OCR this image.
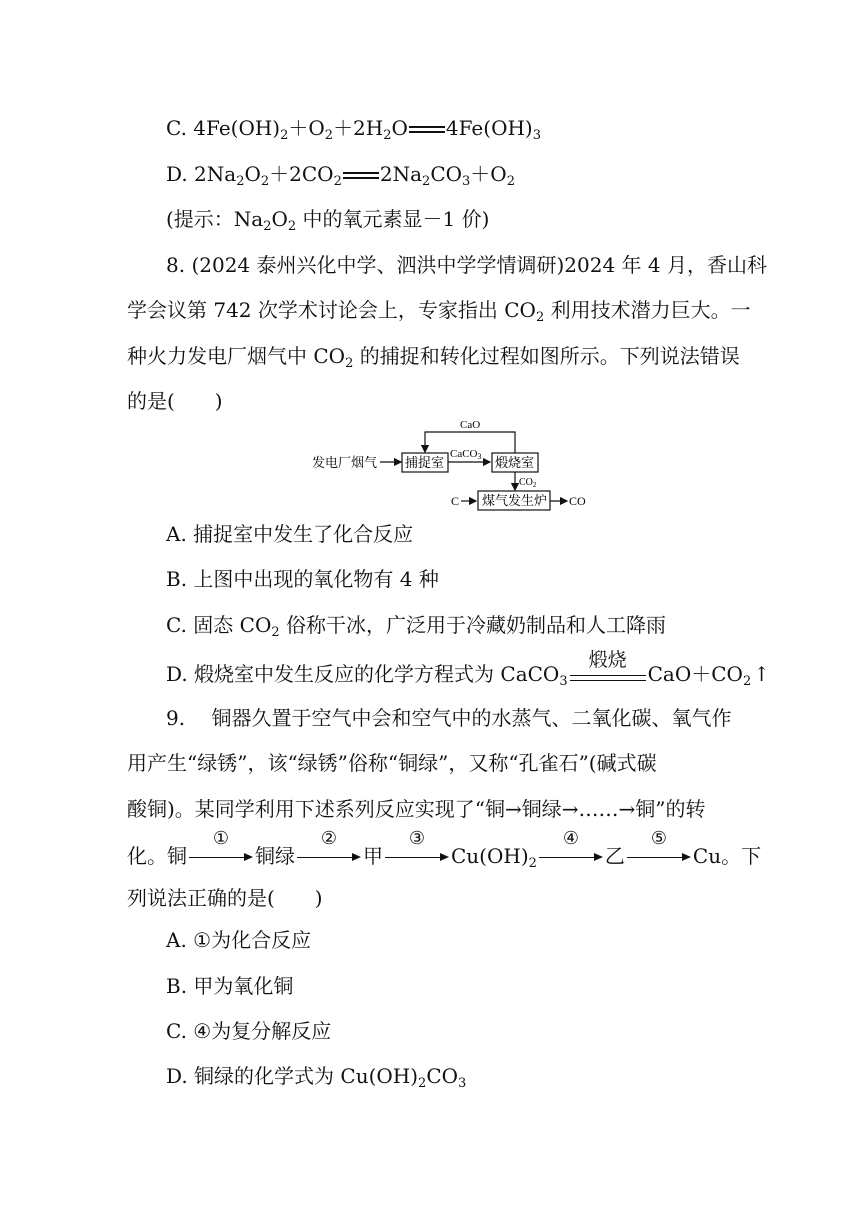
C. $4Fe(OH)_2+O_2+2H_2O$ $4Fe(OH)_3$
D. $2Na_2O_2+2CO_2$ $2Na_2CO_3+O_2$
(提示：$Na_2O_2$ 中的氧元素显－1 价)
8. (2024 泰州兴化中学、泗洪中学学情调研)2024 年 4 月，香山科
学会议第 742 次学术讨论会上，专家指出 $CO_2$ 利用技术潜力巨大。一
种火力发电厂烟气中 $CO_2$ 的捕捉和转化过程如图所示。下列说法错误
的是(　　)
发电厂烟气 捕捉室
CaCO3 煅烧室
CaO
$CO_2$
煤气发生炉
C	CO
A. 捕捉室中发生了化合反应
B. 上图中出现的氧化物有 4 种
C. 固态 $CO_2$ 俗称干冰，广泛用于冷藏奶制品和人工降雨
D. 煅烧室中发生反应的化学方程式为 CaCO$_3$
煅烧
$CaO+CO_2$ ↑
9.　 铜器久置于空气中会和空气中的水蒸气、二氧化碳、氧气作
用产生“绿锈”，该“绿锈”俗称“铜绿”，又称“孔雀石”(碱式碳
酸铜)。某同学利用下述系列反应实现了“铜→铜绿→……→铜”的转
化。铜
①
铜绿
②
甲
③
$Cu(OH)_2$
④
乙
⑤
Cu。下
列说法正确的是(　　)
A. ①为化合反应
B. 甲为氧化铜
C. ④为复分解反应
D. 铜绿的化学式为 $Cu(OH)_2CO_3$
